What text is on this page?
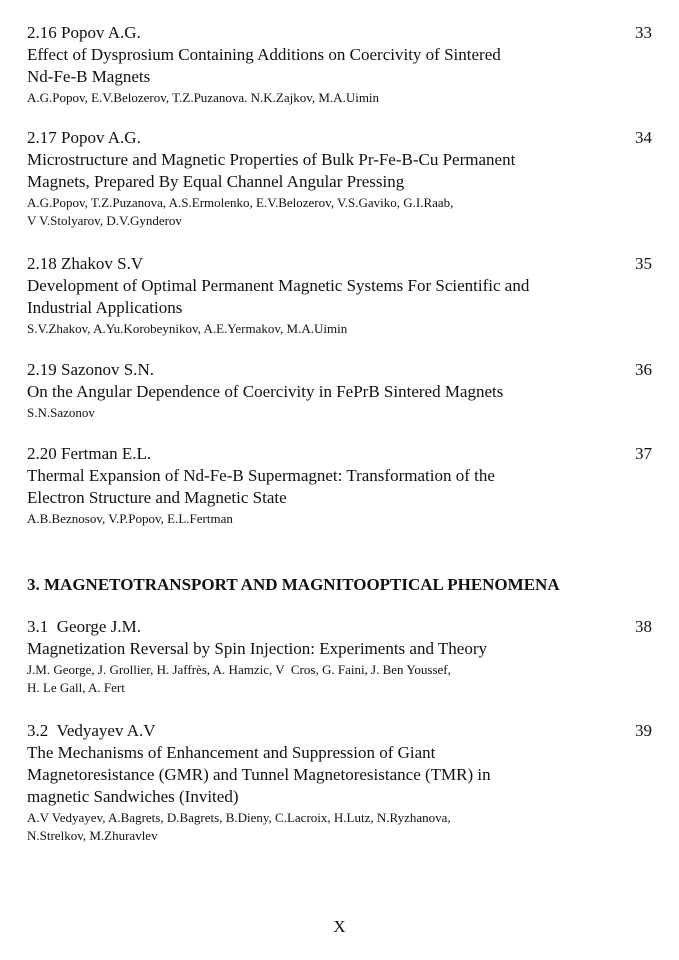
2.16 Popov A.G.	33
Effect of Dysprosium Containing Additions on Coercivity of Sintered
Nd-Fe-B Magnets
A.G.Popov, E.V.Belozerov, T.Z.Puzanova. N.K.Zajkov, M.A.Uimin
2.17 Popov A.G.	34
Microstructure and Magnetic Properties of Bulk Pr-Fe-B-Cu Permanent
Magnets, Prepared By Equal Channel Angular Pressing
A.G.Popov, T.Z.Puzanova, A.S.Ermolenko, E.V.Belozerov, V.S.Gaviko, G.I.Raab,
V V.Stolyarov, D.V.Gynderov
2.18 Zhakov S.V	35
Development of Optimal Permanent Magnetic Systems For Scientific and
Industrial Applications
S.V.Zhakov, A.Yu.Korobeynikov, A.E.Yermakov, M.A.Uimin
2.19 Sazonov S.N.	36
On the Angular Dependence of Coercivity in FePrB Sintered Magnets
S.N.Sazonov
2.20 Fertman E.L.	37
Thermal Expansion of Nd-Fe-B Supermagnet: Transformation of the
Electron Structure and Magnetic State
A.B.Beznosov, V.P.Popov, E.L.Fertman
3. MAGNETOTRANSPORT AND MAGNITOOPTICAL PHENOMENA
3.1  George J.M.	38
Magnetization Reversal by Spin Injection: Experiments and Theory
J.M. George, J. Grollier, H. Jaffrès, A. Hamzic, V  Cros, G. Faini, J. Ben Youssef,
H. Le Gall, A. Fert
3.2  Vedyayev A.V	39
The Mechanisms of Enhancement and Suppression of Giant
Magnetoresistance (GMR) and Tunnel Magnetoresistance (TMR) in
magnetic Sandwiches (Invited)
A.V Vedyayev, A.Bagrets, D.Bagrets, B.Dieny, C.Lacroix, H.Lutz, N.Ryzhanova,
N.Strelkov, M.Zhuravlev
X
